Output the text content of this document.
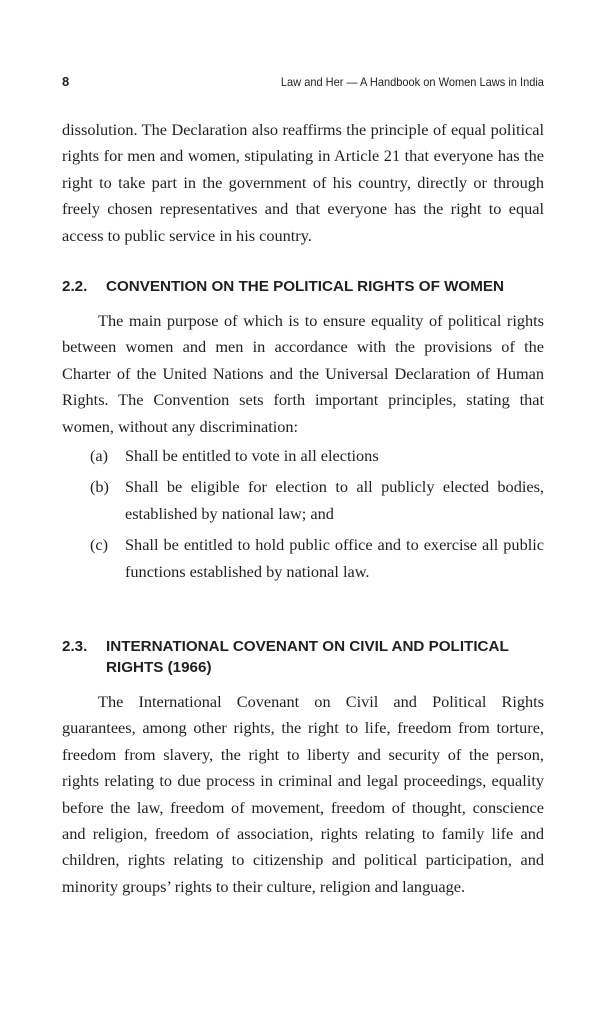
8	Law and Her — A Handbook on Women Laws in India

dissolution. The Declaration also reaffirms the principle of equal political rights for men and women, stipulating in Article 21 that everyone has the right to take part in the government of his country, directly or through freely chosen representatives and that everyone has the right to equal access to public service in his country.

2.2.	CONVENTION ON THE POLITICAL RIGHTS OF WOMEN

The main purpose of which is to ensure equality of political rights between women and men in accordance with the provisions of the Charter of the United Nations and the Universal Declaration of Human Rights. The Convention sets forth important principles, stating that women, without any discrimination:

(a)	Shall be entitled to vote in all elections
(b) Shall be eligible for election to all publicly elected bodies, established by national law; and
(c)	Shall be entitled to hold public office and to exercise all public functions established by national law.
2.3.	INTERNATIONAL COVENANT ON CIVIL AND POLITICAL RIGHTS (1966)

The International Covenant on Civil and Political Rights guarantees, among other rights, the right to life, freedom from torture, freedom from slavery, the right to liberty and security of the person, rights relating to due process in criminal and legal proceedings, equality before the law, freedom of movement, freedom of thought, conscience and religion, freedom of association, rights relating to family life and children, rights relating to citizenship and political participation, and minority groups’ rights to their culture, religion and language.
